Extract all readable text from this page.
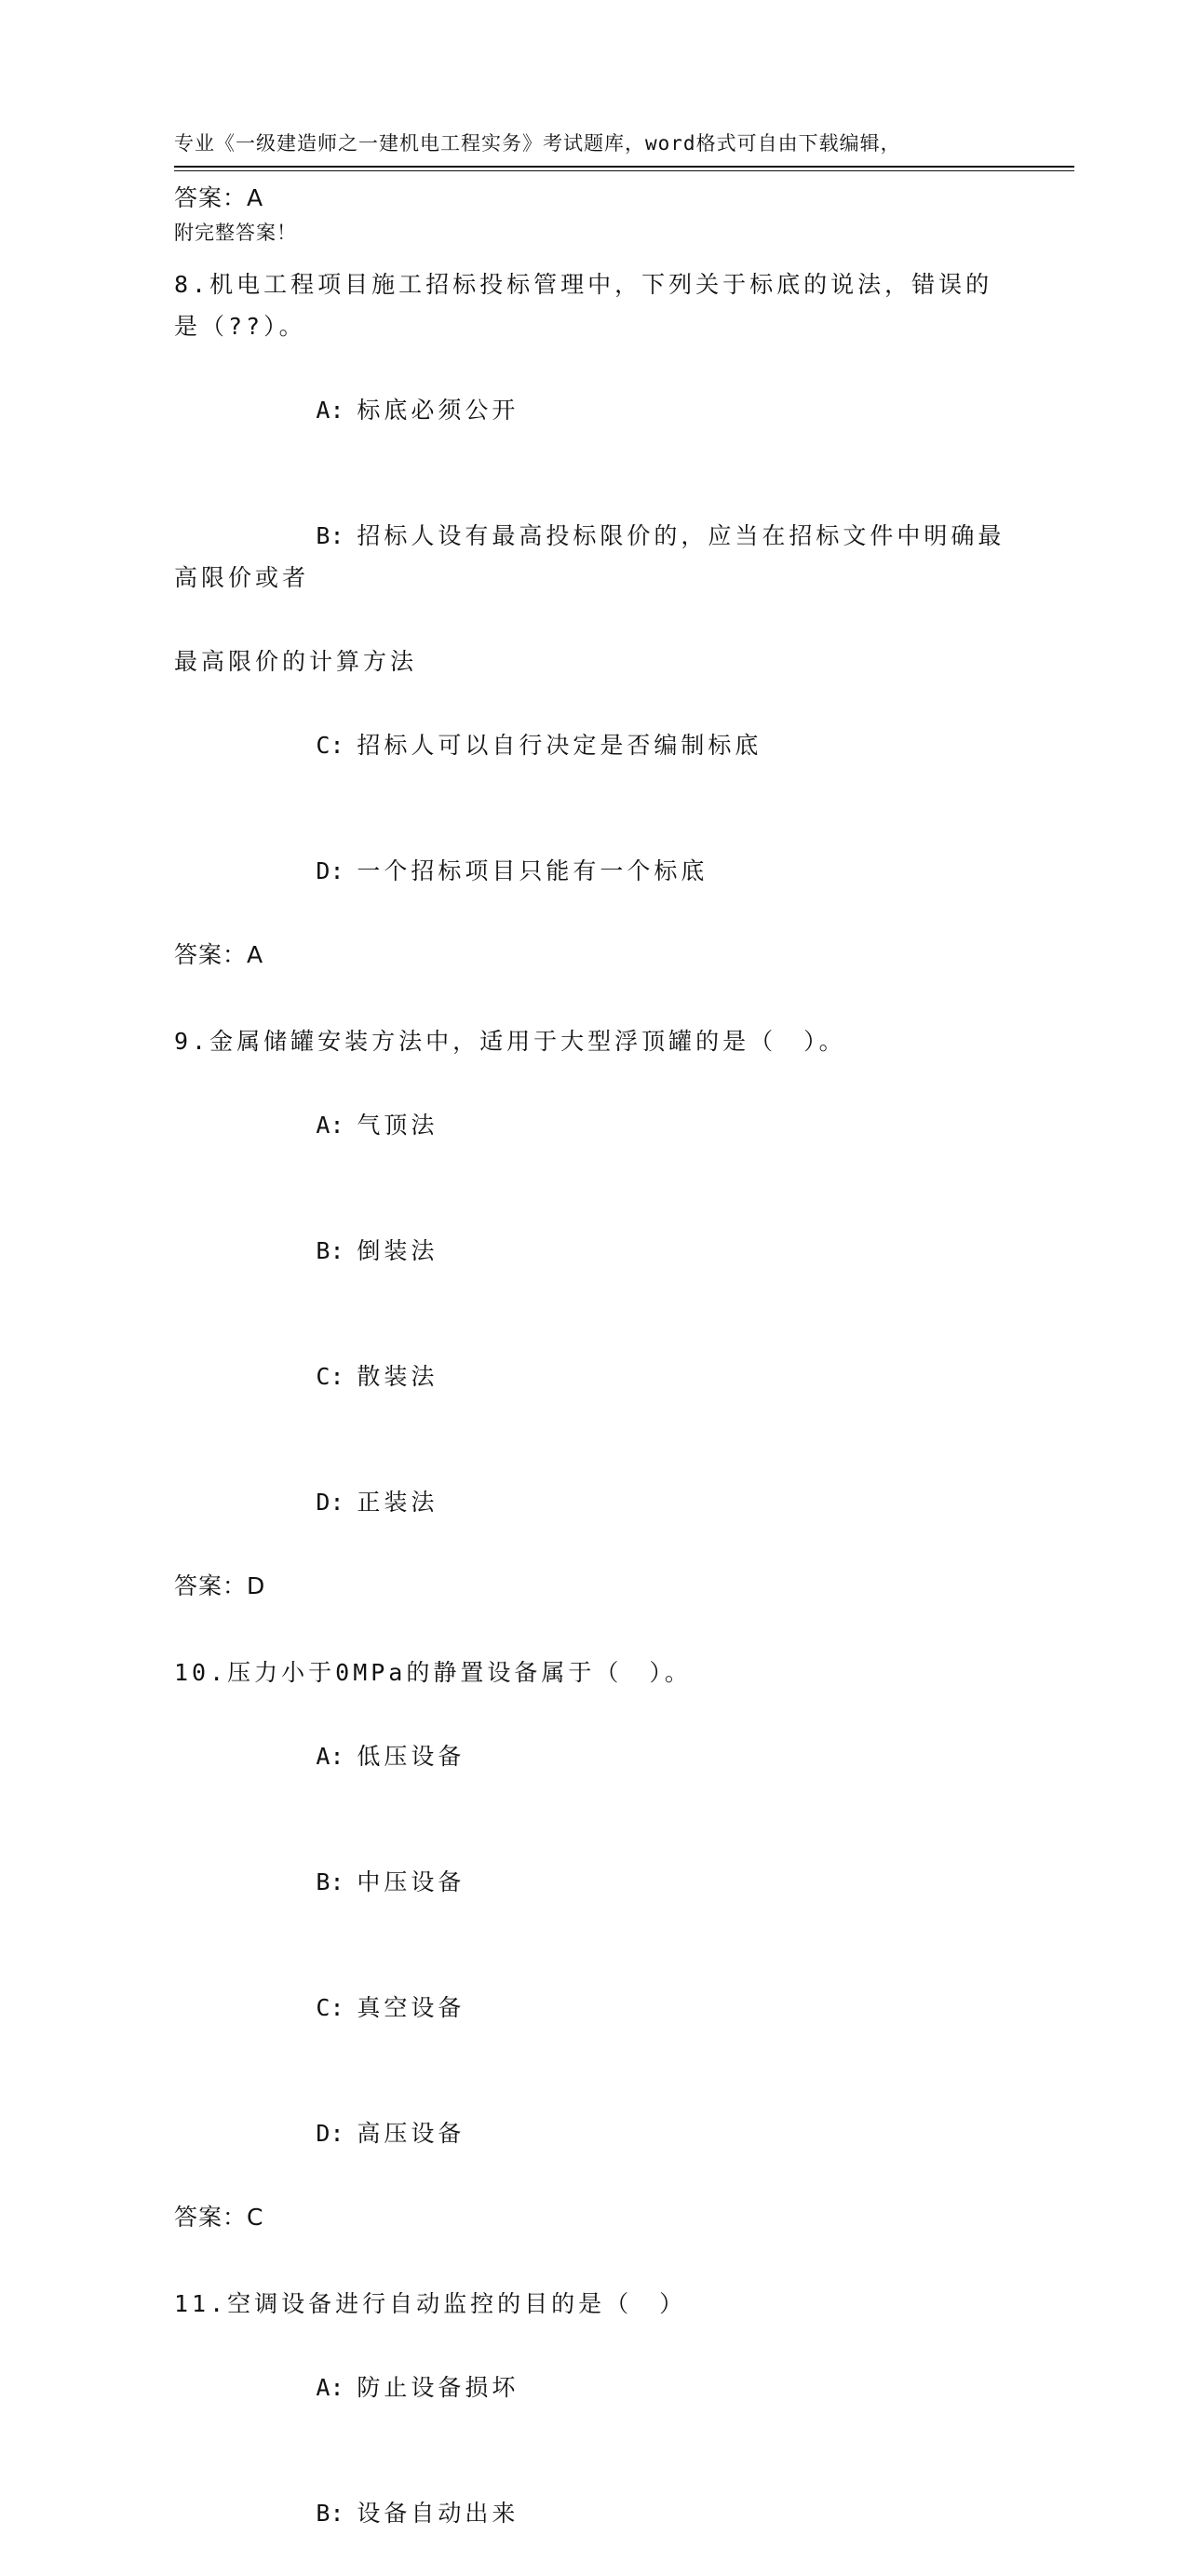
专业《一级建造师之一建机电工程实务》考试题库，word格式可自由下载编辑，

附完整答案！

答案：A
8.机电工程项目施工招标投标管理中，下列关于标底的说法，错误的
是（??）。

A: 标底必须公开

B: 招标人设有最高投标限价的，应当在招标文件中明确最高限价或者

最高限价的计算方法

C: 招标人可以自行决定是否编制标底

D: 一个招标项目只能有一个标底

答案：A
9.金属储罐安装方法中，适用于大型浮顶罐的是（　）。

A: 气顶法

B: 倒装法

C: 散装法

D: 正装法

答案：D
10.压力小于0MPa的静置设备属于（　）。

A: 低压设备

B: 中压设备

C: 真空设备

D: 高压设备

答案：C
11.空调设备进行自动监控的目的是（　）

A: 防止设备损坏

B: 设备自动出来
